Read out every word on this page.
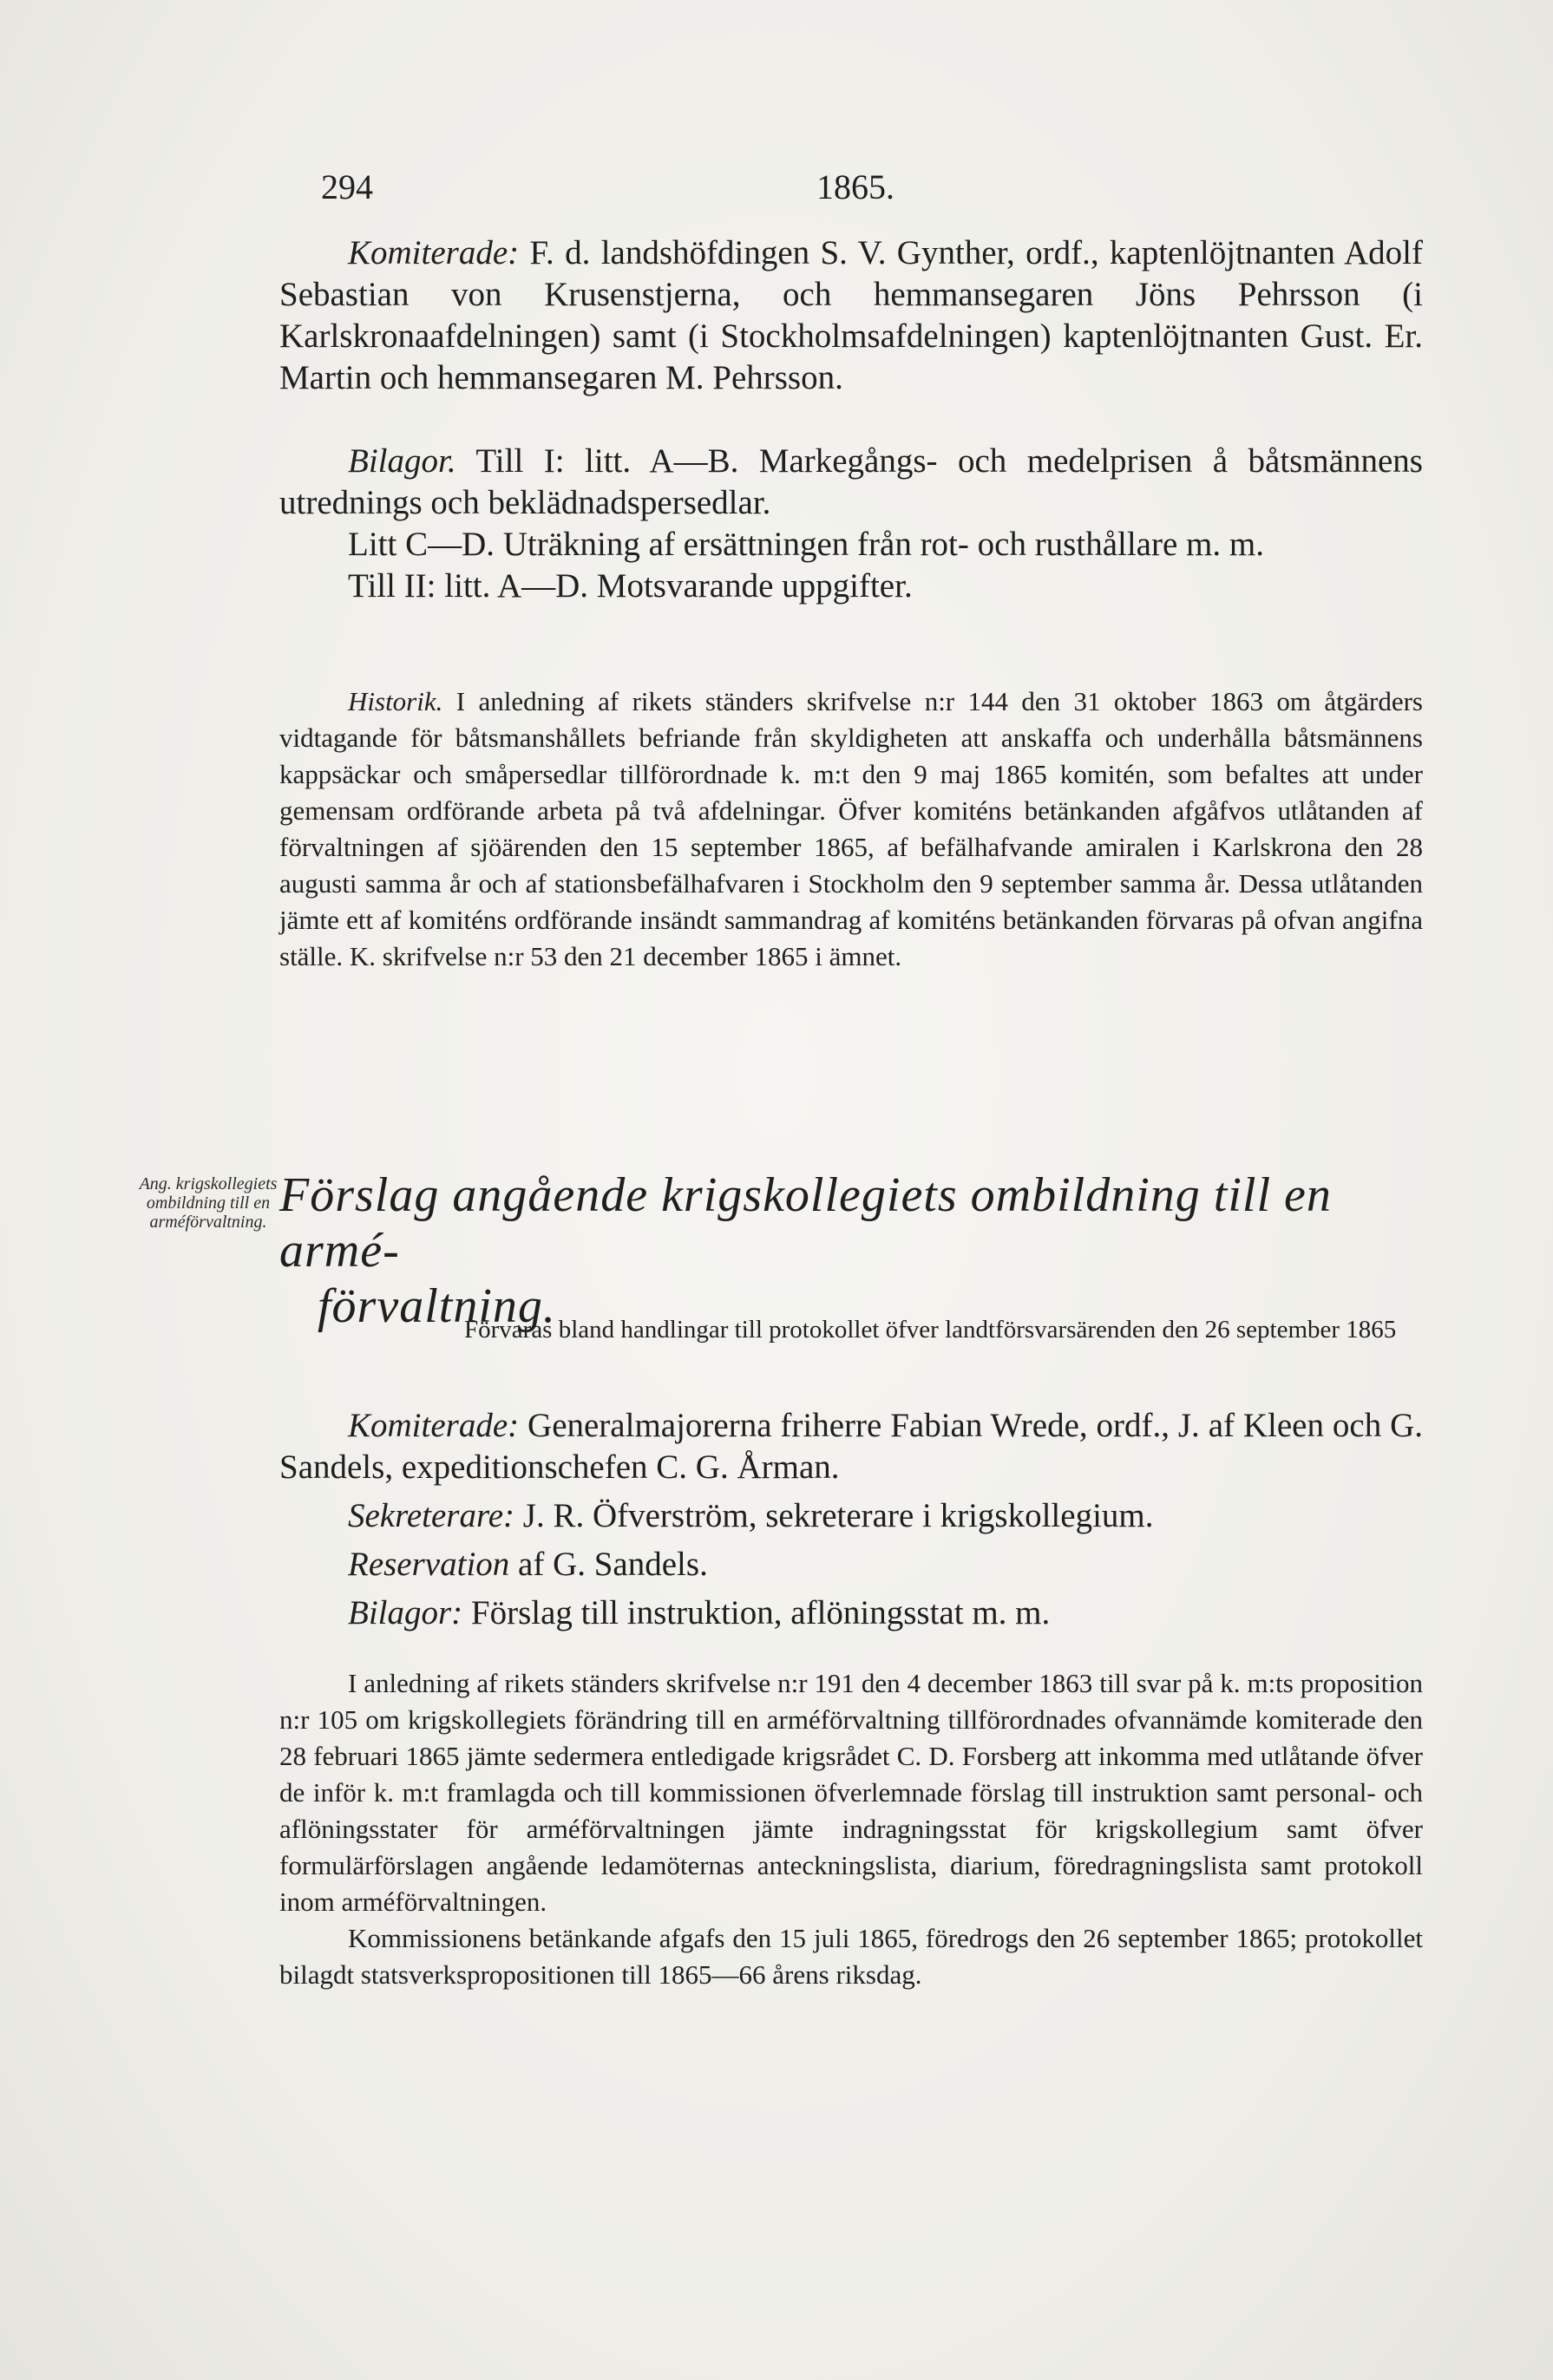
294	1865.

Komiterade: F. d. landshöfdingen S. V. Gynther, ordf., kaptenlöjtnanten Adolf Sebastian von Krusenstjerna, och hemmansegaren Jöns Pehrsson (i Karlskronaafdelningen) samt (i Stockholmsafdelningen) kaptenlöjtnanten Gust. Er. Martin och hemmansegaren M. Pehrsson.

Bilagor. Till I: litt. A—B. Markegångs- och medelprisen å båtsmännens utrednings och beklädnadspersedlar.

Litt C—D. Uträkning af ersättningen från rot- och rusthållare m. m.

Till II: litt. A—D. Motsvarande uppgifter.

Historik. I anledning af rikets ständers skrifvelse n:r 144 den 31 oktober 1863 om åtgärders vidtagande för båtsmanshållets befriande från skyldigheten att anskaffa och underhålla båtsmännens kappsäckar och småpersedlar tillförordnade k. m:t den 9 maj 1865 komitén, som befaltes att under gemensam ordförande arbeta på två afdelningar. Öfver komiténs betänkanden afgåfvos utlåtanden af förvaltningen af sjöärenden den 15 september 1865, af befälhafvande amiralen i Karlskrona den 28 augusti samma år och af stationsbefälhafvaren i Stockholm den 9 september samma år. Dessa utlåtanden jämte ett af komiténs ordförande insändt sammandrag af komiténs betänkanden förvaras på ofvan angifna ställe. K. skrifvelse n:r 53 den 21 december 1865 i ämnet.

Ang. krigskollegiets ombildning till en arméförvaltning. Förslag angående krigskollegiets ombildning till en armé-
förvaltning.
Förvaras bland handlingar till protokollet öfver landtförsvarsärenden den 26 september 1865

Komiterade: Generalmajorerna friherre Fabian Wrede, ordf., J. af Kleen och G. Sandels, expeditionschefen C. G. Årman.

Sekreterare: J. R. Öfverström, sekreterare i krigskollegium.

Reservation af G. Sandels.

Bilagor: Förslag till instruktion, aflöningsstat m. m.

I anledning af rikets ständers skrifvelse n:r 191 den 4 december 1863 till svar på k. m:ts proposition n:r 105 om krigskollegiets förändring till en arméförvaltning tillförordnades ofvannämde komiterade den 28 februari 1865 jämte sedermera entledigade krigsrådet C. D. Forsberg att inkomma med utlåtande öfver de inför k. m:t framlagda och till kommissionen öfverlemnade förslag till instruktion samt personal- och aflöningsstater för arméförvaltningen jämte indragningsstat för krigskollegium samt öfver formulärförslagen angående ledamöternas anteckningslista, diarium, föredragningslista samt protokoll inom arméförvaltningen.

Kommissionens betänkande afgafs den 15 juli 1865, föredrogs den 26 september 1865; protokollet bilagdt statsverkspropositionen till 1865—66 årens riksdag.
